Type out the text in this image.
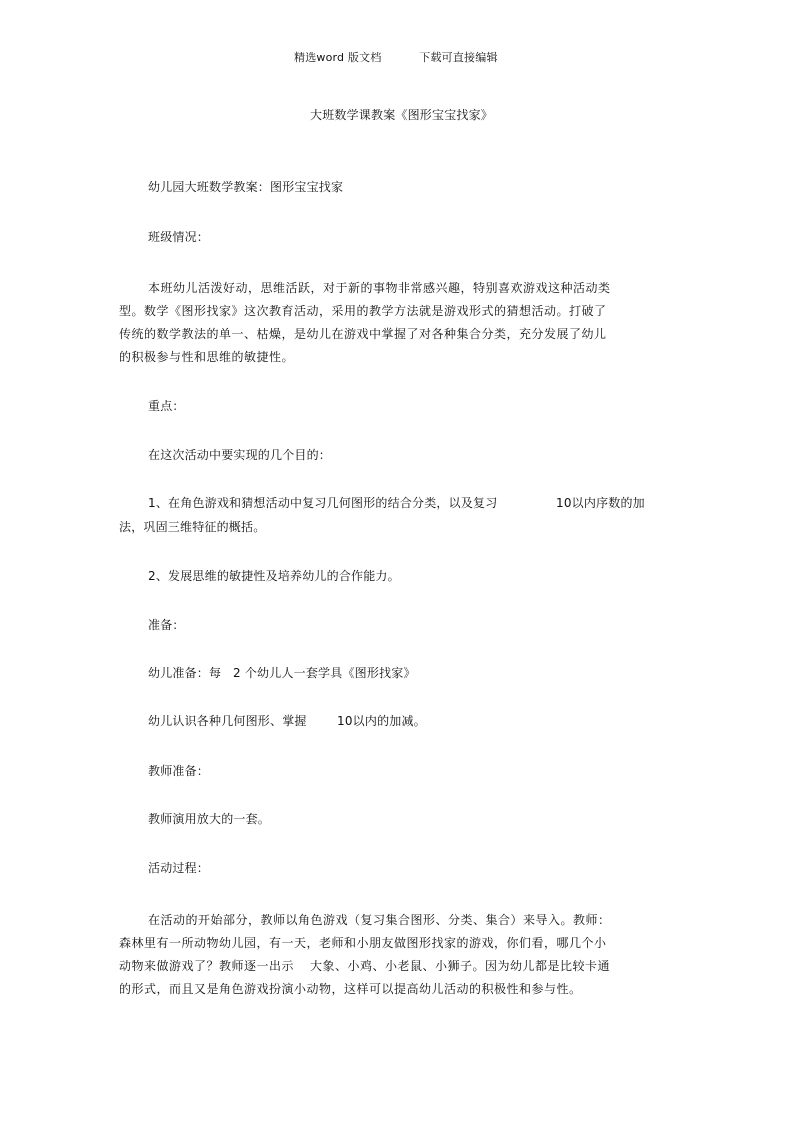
精选word 版文档	下载可直接编辑
大班数学课教案《图形宝宝找家》
幼儿园大班数学教案：图形宝宝找家
班级情况：
本班幼儿活泼好动，思维活跃，对于新的事物非常感兴趣，特别喜欢游戏这种活动类
型。数学《图形找家》这次教育活动，采用的教学方法就是游戏形式的猜想活动。打破了
传统的数学教法的单一、枯燥，是幼儿在游戏中掌握了对各种集合分类，充分发展了幼儿
的积极参与性和思维的敏捷性。
重点：
在这次活动中要实现的几个目的：
1、在角色游戏和猜想活动中复习几何图形的结合分类，以及复习	10以内序数的加
法，巩固三维特征的概括。
2、发展思维的敏捷性及培养幼儿的合作能力。
准备：
幼儿准备：每 2 个幼儿人一套学具《图形找家》
幼儿认识各种几何图形、掌握	10以内的加减。
教师准备：
教师演用放大的一套。
活动过程：
在活动的开始部分，教师以角色游戏（复习集合图形、分类、集合）来导入。教师：
森林里有一所动物幼儿园，有一天，老师和小朋友做图形找家的游戏，你们看，哪几个小
动物来做游戏了？教师逐一出示 大象、小鸡、小老鼠、小狮子。因为幼儿都是比较卡通
的形式，而且又是角色游戏扮演小动物，这样可以提高幼儿活动的积极性和参与性。
